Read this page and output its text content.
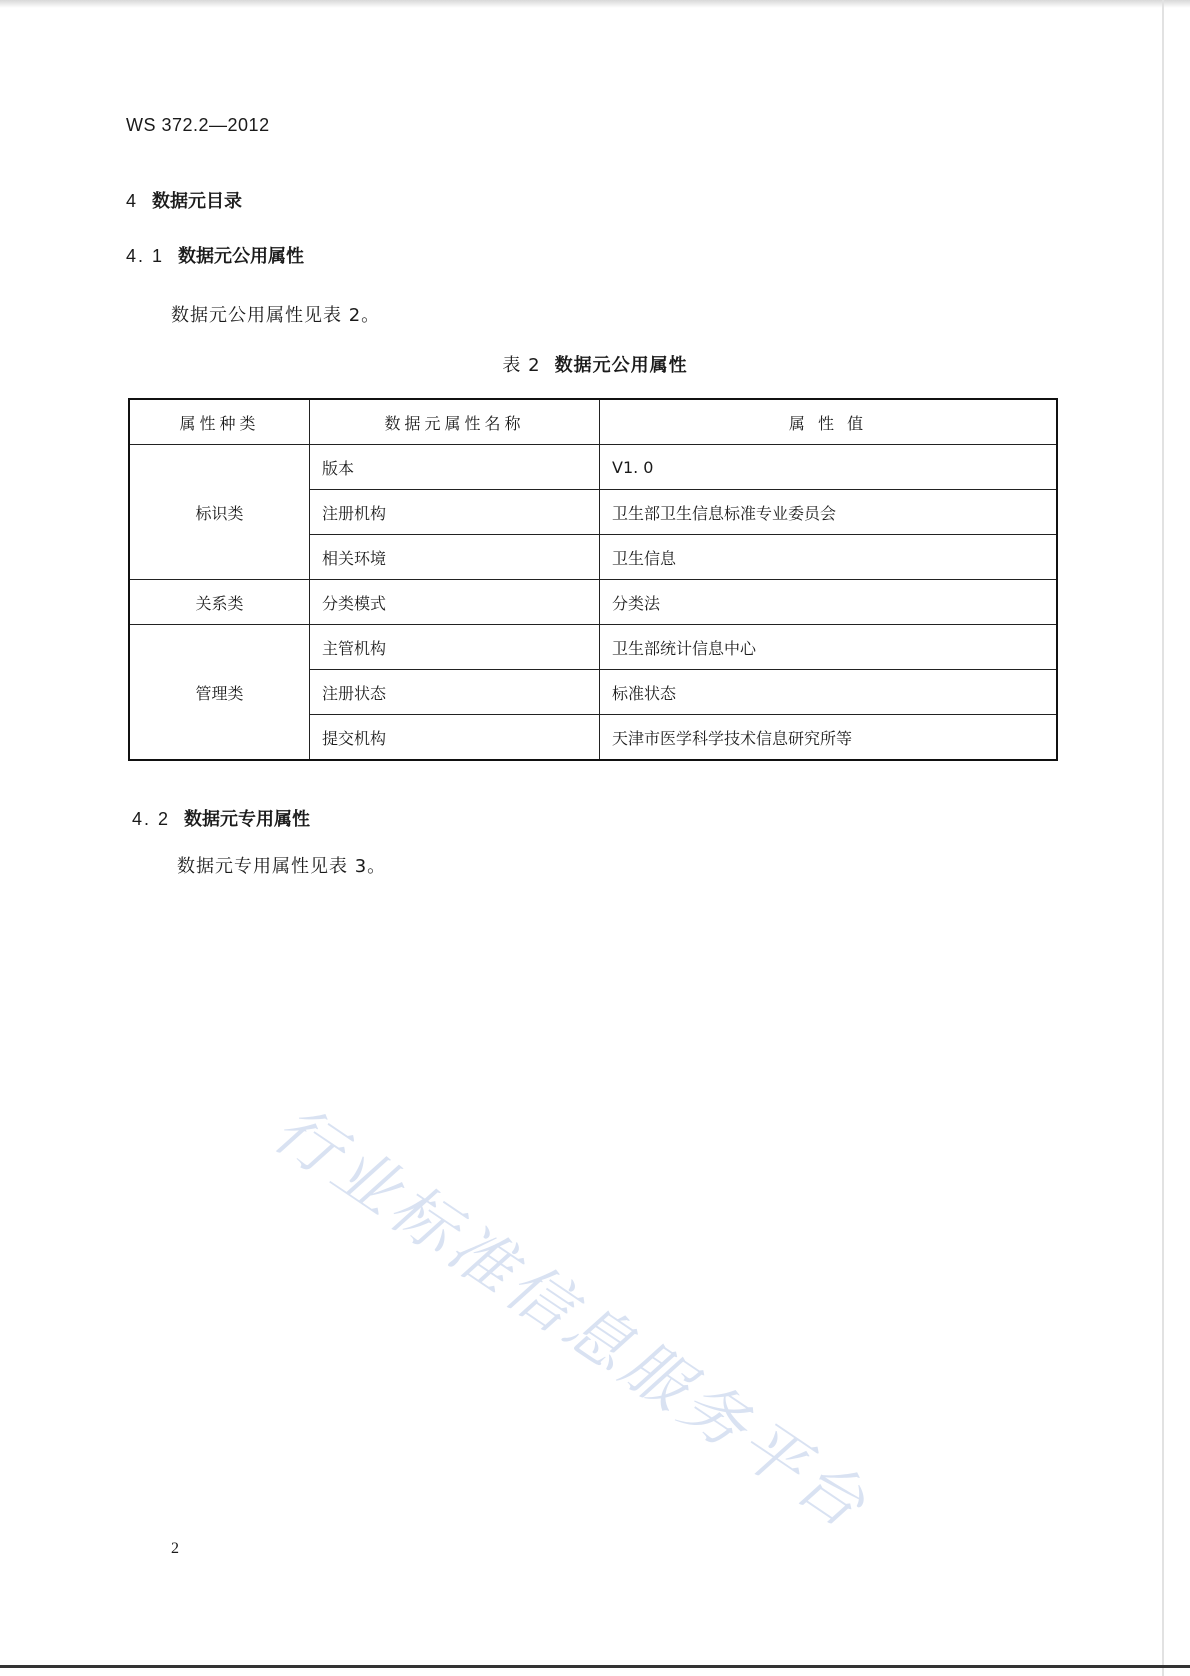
WS 372.2—2012
4 数据元目录
4. 1 数据元公用属性
数据元公用属性见表 2。
表 2 数据元公用属性
属性种类	数据元属性名称	属 性 值
标识类	版本	V1. 0
	注册机构	卫生部卫生信息标准专业委员会
	相关环境	卫生信息
关系类	分类模式	分类法
管理类	主管机构	卫生部统计信息中心
	注册状态	标准状态
	提交机构	天津市医学科学技术信息研究所等
4. 2 数据元专用属性
数据元专用属性见表 3。
行业标准信息服务平台
2
